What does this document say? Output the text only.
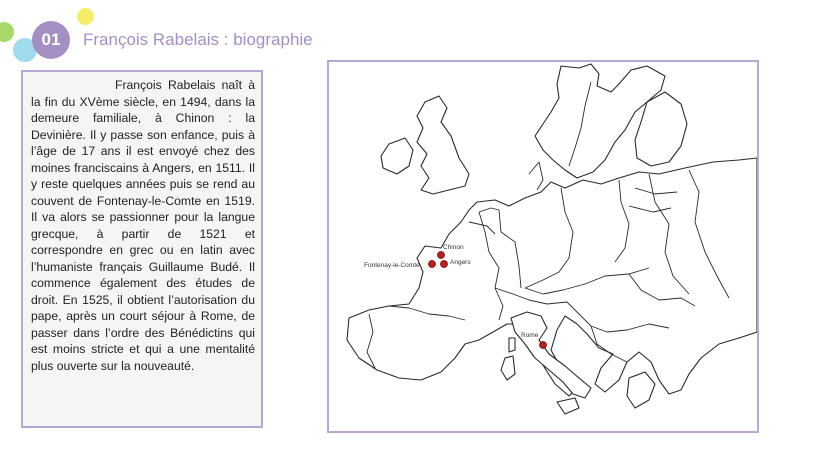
01	François Rabelais : biographie

François Rabelais naît à la fin du XVème siècle, en 1494, dans la demeure familiale, à Chinon : la Devinière. Il y passe son enfance, puis à l’âge de 17 ans il est envoyé chez des moines franciscains à Angers, en 1511. Il y reste quelques années puis se rend au couvent de Fontenay-le-Comte en 1519. Il va alors se passionner pour la langue grecque, à partir de 1521 et correspondre en grec ou en latin avec l’humaniste français Guillaume Budé. Il commence également des études de droit. En 1525, il obtient l’autorisation du pape, après un court séjour à Rome, de passer dans l’ordre des Bénédictins qui est moins stricte et qui a une mentalité plus ouverte sur la nouveauté.

Chinon
Angers
Fontenay-le-Comte
Rome
